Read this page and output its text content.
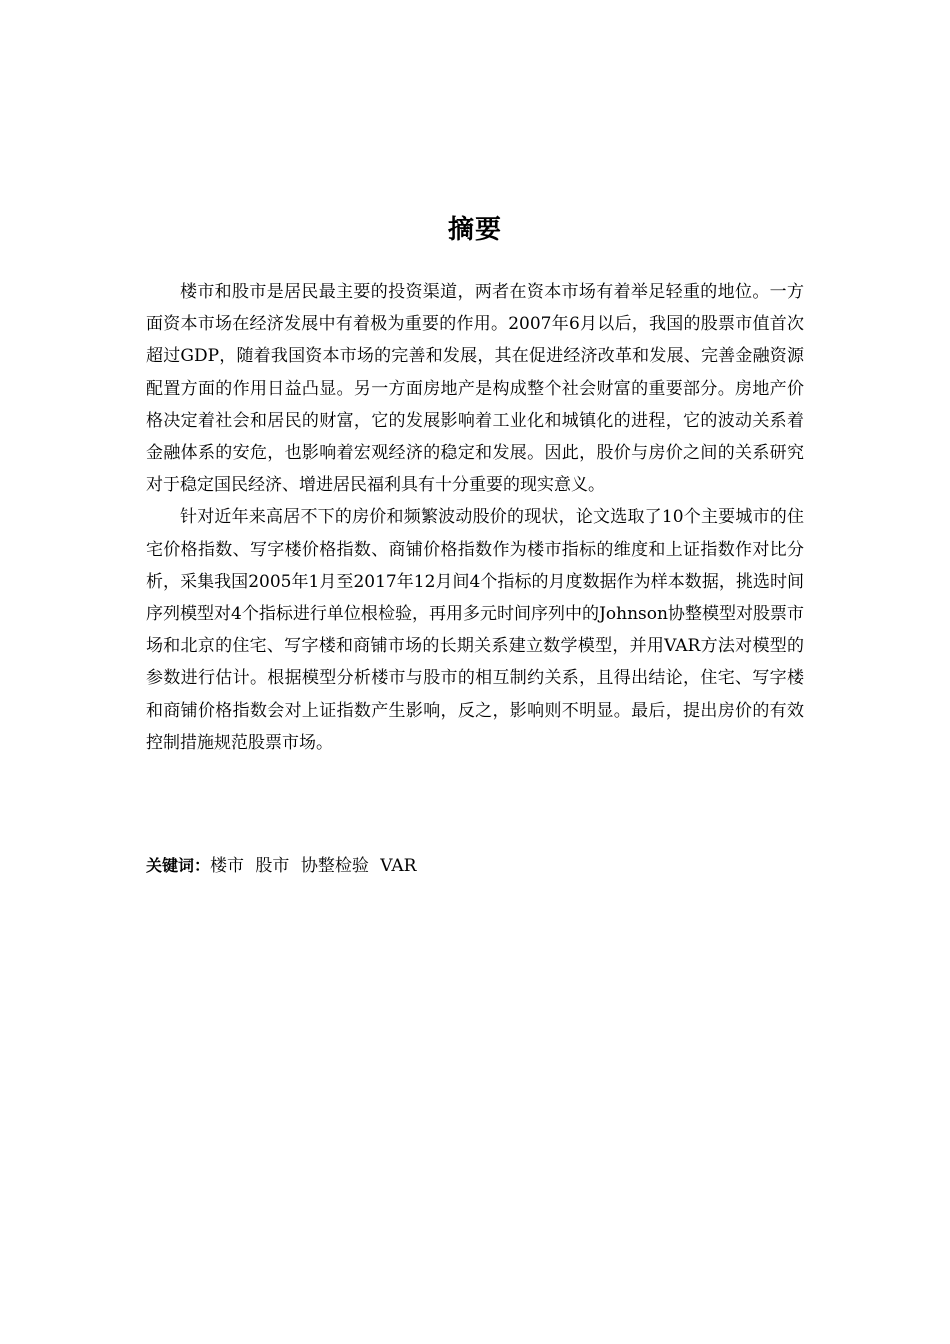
摘要

楼市和股市是居民最主要的投资渠道，两者在资本市场有着举足轻重的地位。一方面资本市场在经济发展中有着极为重要的作用。2007年6月以后，我国的股票市值首次超过GDP，随着我国资本市场的完善和发展，其在促进经济改革和发展、完善金融资源配置方面的作用日益凸显。另一方面房地产是构成整个社会财富的重要部分。房地产价格决定着社会和居民的财富，它的发展影响着工业化和城镇化的进程，它的波动关系着金融体系的安危，也影响着宏观经济的稳定和发展。因此，股价与房价之间的关系研究对于稳定国民经济、增进居民福利具有十分重要的现实意义。

针对近年来高居不下的房价和频繁波动股价的现状，论文选取了10个主要城市的住宅价格指数、写字楼价格指数、商铺价格指数作为楼市指标的维度和上证指数作对比分析，采集我国2005年1月至2017年12月间4个指标的月度数据作为样本数据，挑选时间序列模型对4个指标进行单位根检验，再用多元时间序列中的Johnson协整模型对股票市场和北京的住宅、写字楼和商铺市场的长期关系建立数学模型，并用VAR方法对模型的参数进行估计。根据模型分析楼市与股市的相互制约关系，且得出结论，住宅、写字楼和商铺价格指数会对上证指数产生影响，反之，影响则不明显。最后，提出房价的有效控制措施规范股票市场。

关键词：楼市 股市 协整检验 VAR
